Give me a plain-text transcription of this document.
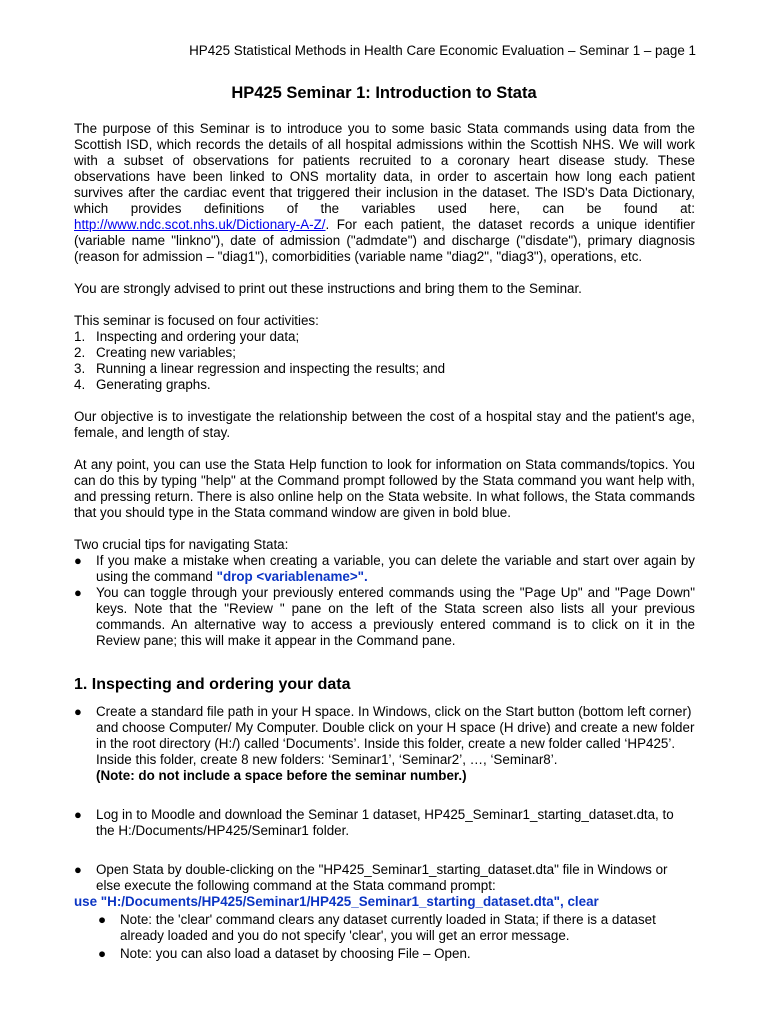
HP425 Statistical Methods in Health Care Economic Evaluation – Seminar 1 – page 1
HP425 Seminar 1: Introduction to Stata

The purpose of this Seminar is to introduce you to some basic Stata commands using data from the Scottish ISD, which records the details of all hospital admissions within the Scottish NHS. We will work with a subset of observations for patients recruited to a coronary heart disease study. These observations have been linked to ONS mortality data, in order to ascertain how long each patient survives after the cardiac event that triggered their inclusion in the dataset. The ISD's Data Dictionary, which provides definitions of the variables used here, can be found at: http://www.ndc.scot.nhs.uk/Dictionary-A-Z/. For each patient, the dataset records a unique identifier (variable name "linkno"), date of admission ("admdate") and discharge ("disdate"), primary diagnosis (reason for admission – "diag1"), comorbidities (variable name "diag2", "diag3"), operations, etc.

You are strongly advised to print out these instructions and bring them to the Seminar.

This seminar is focused on four activities:

1. Inspecting and ordering your data;
2. Creating new variables;
3. Running a linear regression and inspecting the results; and
4. Generating graphs.

Our objective is to investigate the relationship between the cost of a hospital stay and the patient's age, female, and length of stay.

At any point, you can use the Stata Help function to look for information on Stata commands/topics. You can do this by typing "help" at the Command prompt followed by the Stata command you want help with, and pressing return. There is also online help on the Stata website. In what follows, the Stata commands that you should type in the Stata command window are given in bold blue.

Two crucial tips for navigating Stata:

● If you make a mistake when creating a variable, you can delete the variable and start over again by using the command "drop <variablename>".
● You can toggle through your previously entered commands using the "Page Up" and "Page Down" keys. Note that the "Review " pane on the left of the Stata screen also lists all your previous commands. An alternative way to access a previously entered command is to click on it in the Review pane; this will make it appear in the Command pane.
1. Inspecting and ordering your data
● Create a standard file path in your H space. In Windows, click on the Start button (bottom left corner) and choose Computer/ My Computer. Double click on your H space (H drive) and create a new folder in the root directory (H:/) called ‘Documents’. Inside this folder, create a new folder called ‘HP425’. Inside this folder, create 8 new folders: ‘Seminar1’, ‘Seminar2’, …, ‘Seminar8’.
(Note: do not include a space before the seminar number.)
● Log in to Moodle and download the Seminar 1 dataset, HP425_Seminar1_starting_dataset.dta, to the H:/Documents/HP425/Seminar1 folder.
● Open Stata by double-clicking on the "HP425_Seminar1_starting_dataset.dta" file in Windows or else execute the following command at the Stata command prompt:

use "H:/Documents/HP425/Seminar1/HP425_Seminar1_starting_dataset.dta", clear

● Note: the 'clear' command clears any dataset currently loaded in Stata; if there is a dataset already loaded and you do not specify 'clear', you will get an error message.
● Note: you can also load a dataset by choosing File – Open.
